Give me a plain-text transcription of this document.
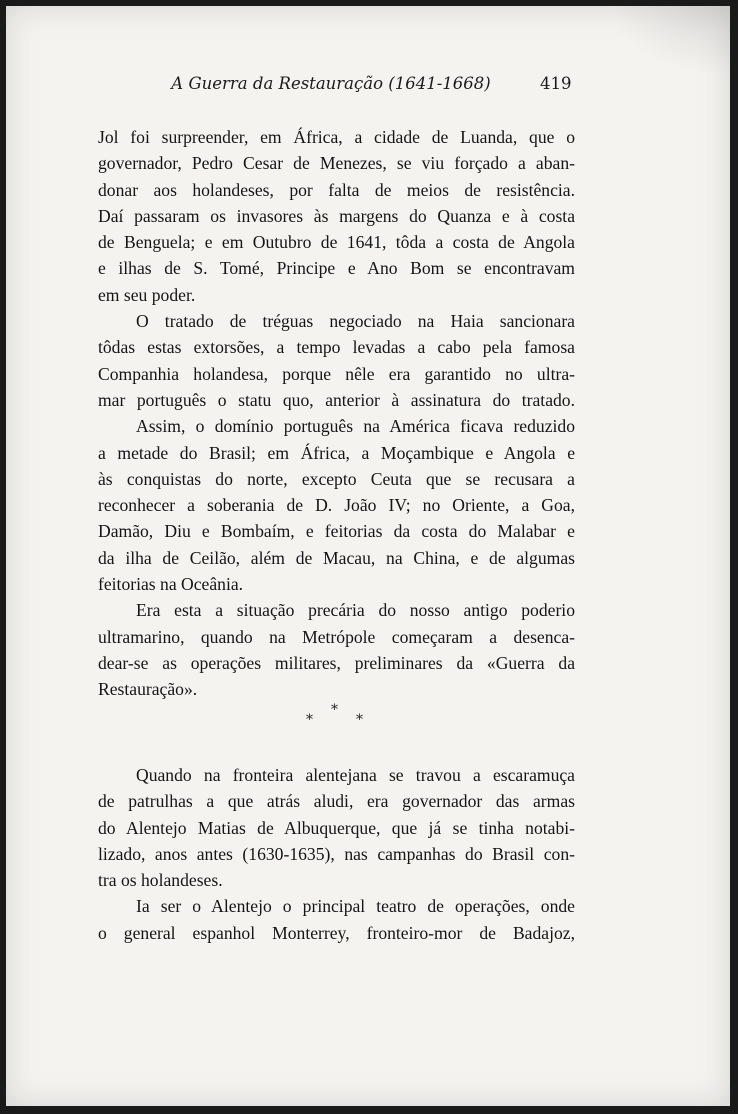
A Guerra da Restauração (1641-1668)	419
Jol foi surpreender, em África, a cidade de Luanda, que o
governador, Pedro Cesar de Menezes, se viu forçado a aban-
donar aos holandeses, por falta de meios de resistência.
Daí passaram os invasores às margens do Quanza e à costa
de Benguela; e em Outubro de 1641, tôda a costa de Angola
e ilhas de S. Tomé, Principe e Ano Bom se encontravam
em seu poder.
O tratado de tréguas negociado na Haia sancionara
tôdas estas extorsões, a tempo levadas a cabo pela famosa
Companhia holandesa, porque nêle era garantido no ultra-
mar português o statu quo, anterior à assinatura do tratado.
Assim, o domínio português na América ficava reduzido
a metade do Brasil; em África, a Moçambique e Angola e
às conquistas do norte, excepto Ceuta que se recusara a
reconhecer a soberania de D. João IV; no Oriente, a Goa,
Damão, Diu e Bombaím, e feitorias da costa do Malabar e
da ilha de Ceilão, além de Macau, na China, e de algumas
feitorias na Oceânia.
Era esta a situação precária do nosso antigo poderio
ultramarino, quando na Metrópole começaram a desenca-
dear-se as operações militares, preliminares da «Guerra da
Restauração».
*
*
*
Quando na fronteira alentejana se travou a escaramuça
de patrulhas a que atrás aludi, era governador das armas
do Alentejo Matias de Albuquerque, que já se tinha notabi-
lizado, anos antes (1630-1635), nas campanhas do Brasil con-
tra os holandeses.
Ia ser o Alentejo o principal teatro de operações, onde
o general espanhol Monterrey, fronteiro-mor de Badajoz,
